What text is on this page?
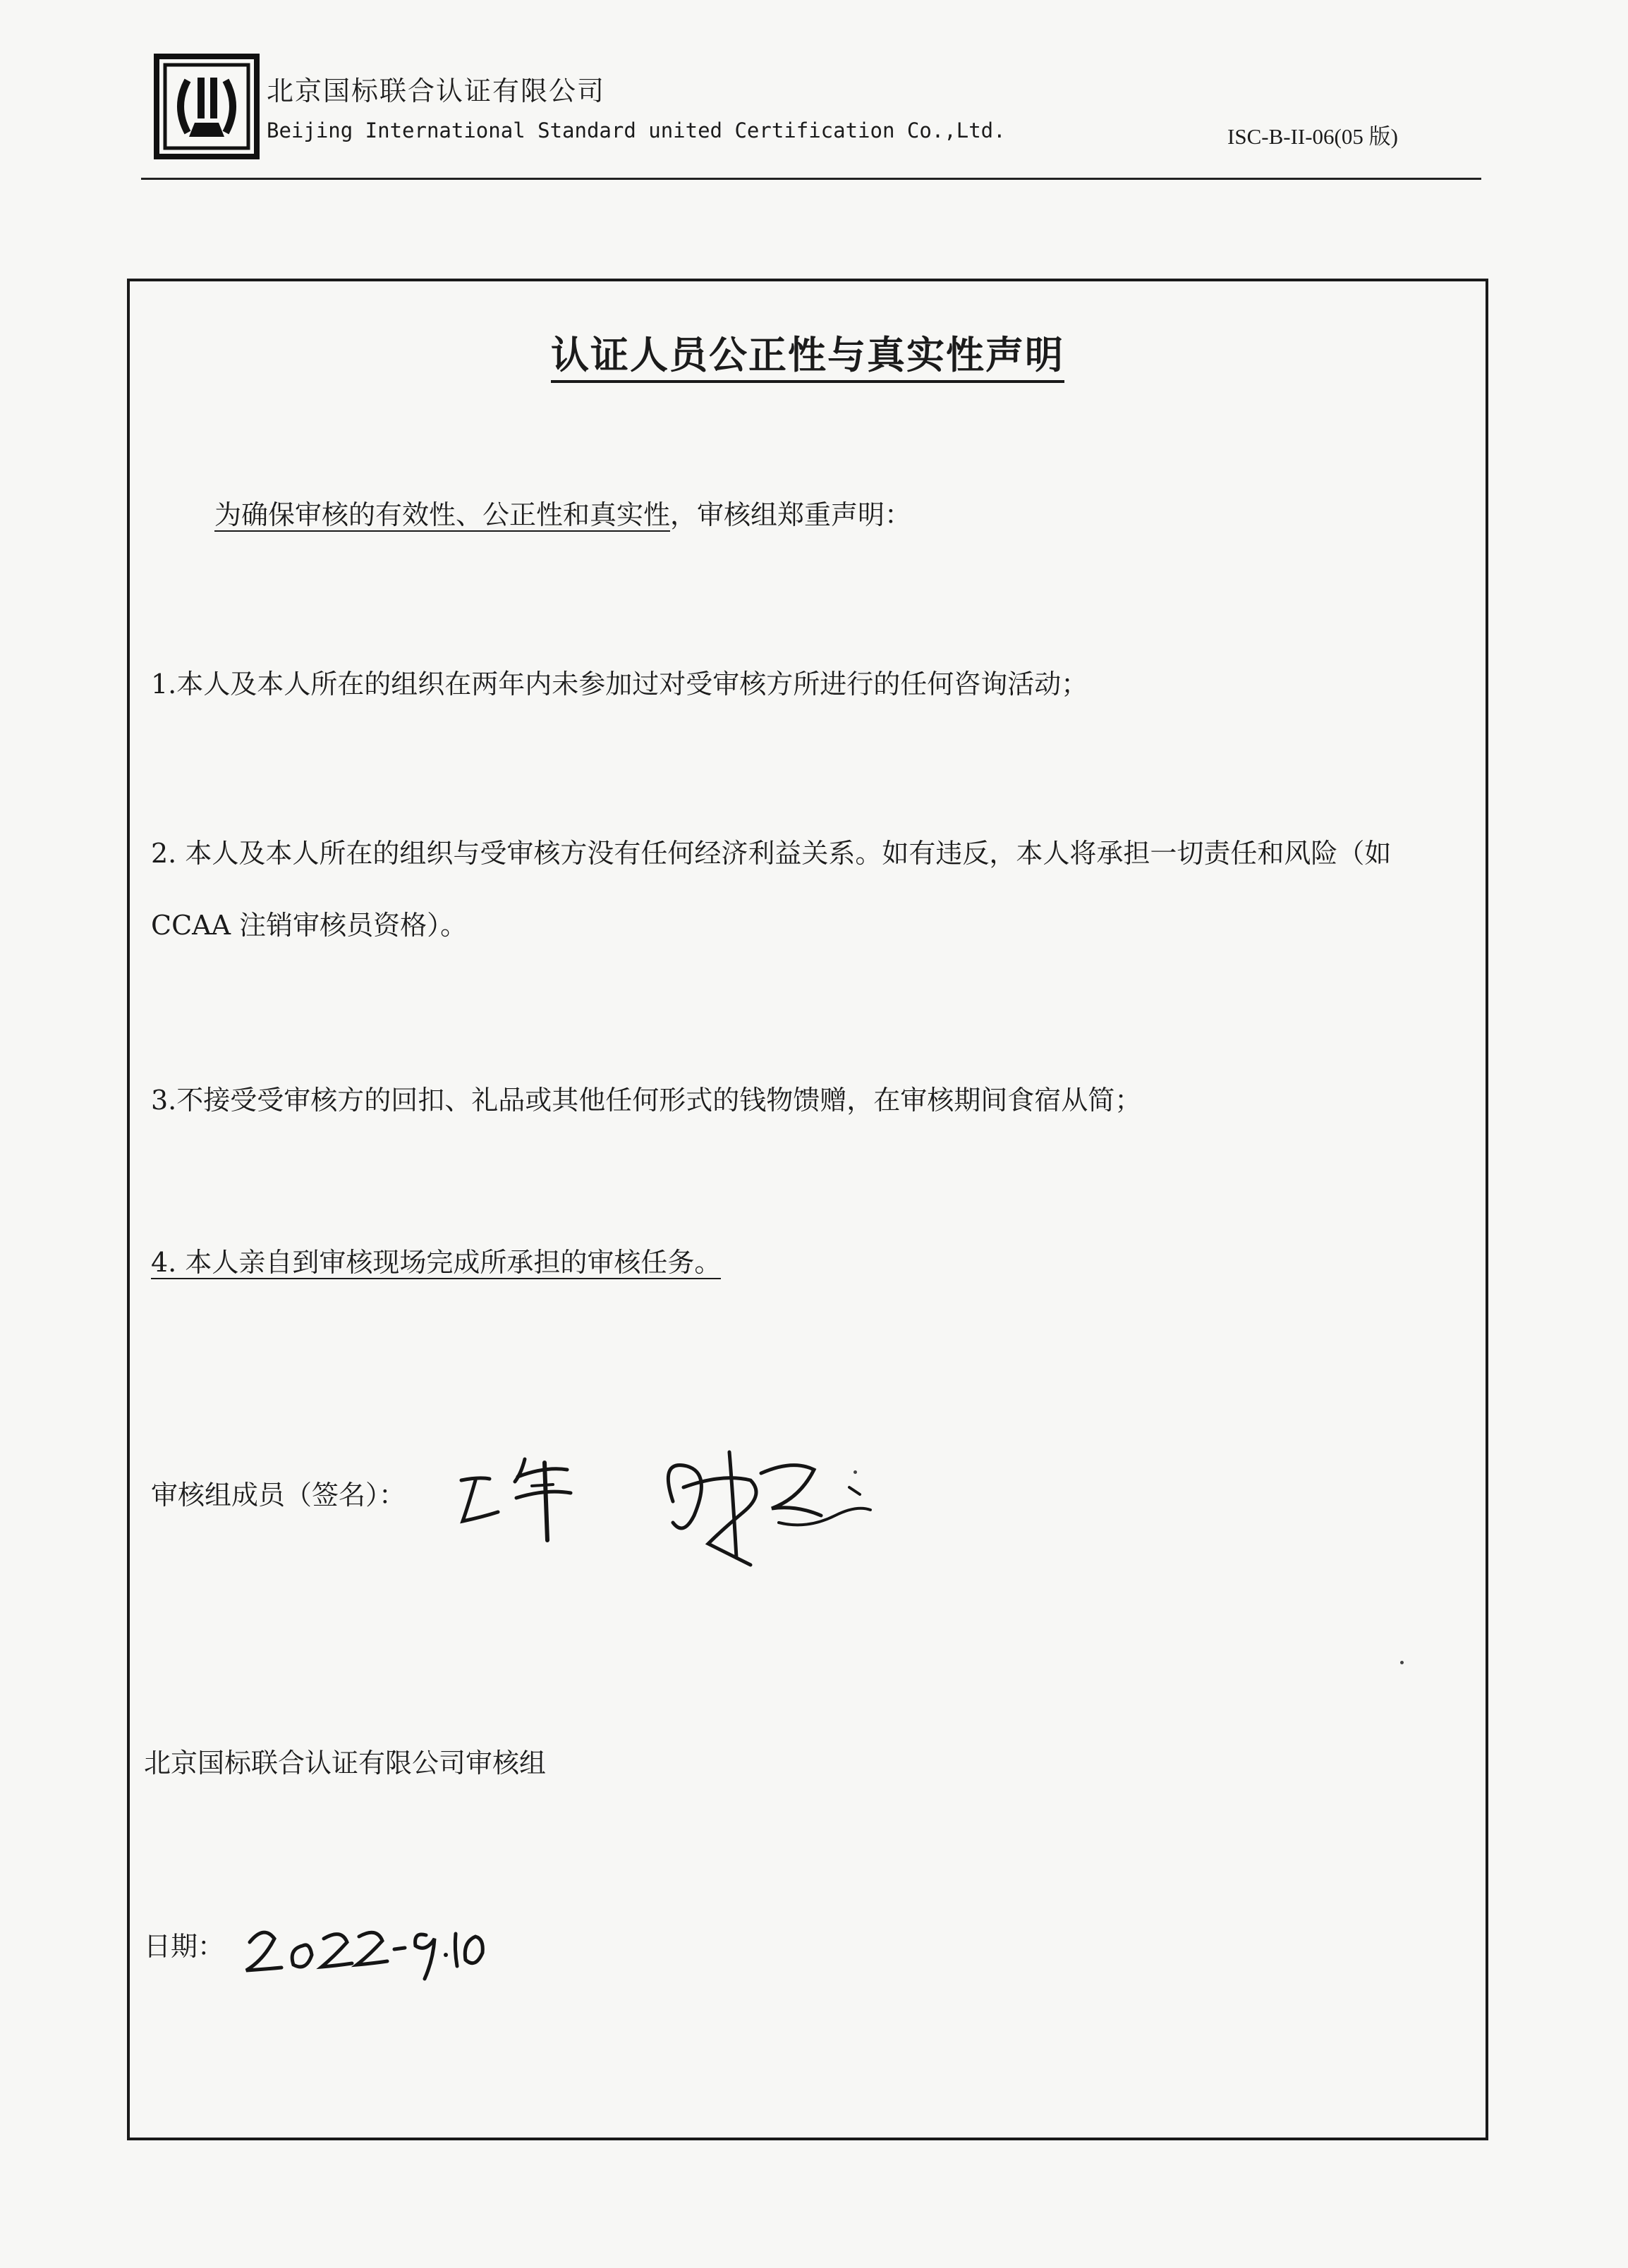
北京国标联合认证有限公司
Beijing International Standard united Certification Co.,Ltd.	ISC-B-II-06(05 版)
认证人员公正性与真实性声明
为确保审核的有效性、公正性和真实性，审核组郑重声明：
1.本人及本人所在的组织在两年内未参加过对受审核方所进行的任何咨询活动；
2. 本人及本人所在的组织与受审核方没有任何经济利益关系。如有违反，本人将承担一切责任和风险（如 CCAA 注销审核员资格）。
3.不接受受审核方的回扣、礼品或其他任何形式的钱物馈赠，在审核期间食宿从简；
4. 本人亲自到审核现场完成所承担的审核任务。
审核组成员（签名）：
北京国标联合认证有限公司审核组
日期：
